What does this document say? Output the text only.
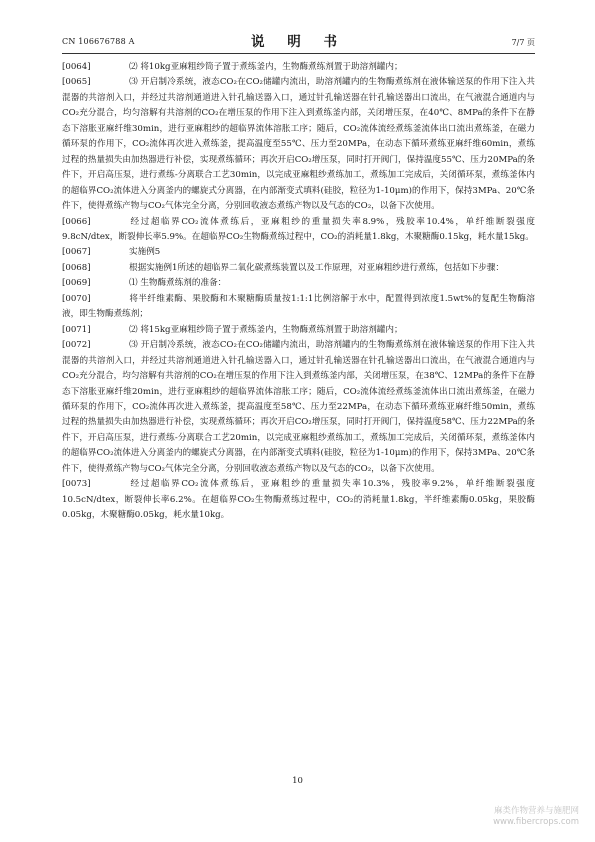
CN 106676788 A	说 明 书	7/7 页

[0064]	⑵ 将10kg亚麻粗纱筒子置于煮练釜内，生物酶煮练剂置于助溶剂罐内；

[0065]	⑶ 开启制冷系统，液态CO₂在CO₂储罐内流出，助溶剂罐内的生物酶煮练剂在液体输送泵的作用下注入共混器的共溶剂入口，并经过共溶剂通道进入针孔输送器入口，通过针孔输送器在针孔输送器出口流出，在气液混合通道内与CO₂充分混合，均匀溶解有共溶剂的CO₂在增压泵的作用下注入到煮练釜内部，关闭增压泵，在40℃、8MPa的条件下在静态下溶胀亚麻纤维30min，进行亚麻粗纱的超临界流体溶胀工序；随后，CO₂流体流经煮练釜流体出口流出煮练釜，在磁力循环泵的作用下，CO₂流体再次进入煮练釜，提高温度至55℃、压力至20MPa，在动态下循环煮练亚麻纤维60min，煮练过程的热量损失由加热器进行补偿，实现煮练循环；再次开启CO₂增压泵，同时打开阀门，保持温度55℃、压力20MPa的条件下，开启高压泵，进行煮练-分离联合工艺30min，以完成亚麻粗纱煮练加工，煮练加工完成后，关闭循环泵，煮练釜体内的超临界CO₂流体进入分离釜内的螺旋式分离器，在内部渐变式填料(硅胶，粒径为1-10μm)的作用下，保持3MPa、20℃条件下，使得煮练产物与CO₂气体完全分离，分别回收液态煮练产物以及气态的CO₂，以备下次使用。

[0066]	经过超临界CO₂流体煮练后，亚麻粗纱的重量损失率8.9%，残胶率10.4%，单纤维断裂强度9.8cN/dtex，断裂伸长率5.9%。在超临界CO₂生物酶煮练过程中，CO₂的消耗量1.8kg，木聚糖酶0.15kg，耗水量15kg。

[0067]	实施例5

[0068]	根据实施例1所述的超临界二氧化碳煮练装置以及工作原理，对亚麻粗纱进行煮练，包括如下步骤：

[0069]	⑴ 生物酶煮练剂的准备：

[0070]	将半纤维素酶、果胶酶和木聚糖酶质量按1:1:1比例溶解于水中，配置得到浓度1.5wt%的复配生物酶溶液，即生物酶煮练剂；

[0071]	⑵ 将15kg亚麻粗纱筒子置于煮练釜内，生物酶煮练剂置于助溶剂罐内；

[0072]	⑶ 开启制冷系统，液态CO₂在CO₂储罐内流出，助溶剂罐内的生物酶煮练剂在液体输送泵的作用下注入共混器的共溶剂入口，并经过共溶剂通道进入针孔输送器入口，通过针孔输送器在针孔输送器出口流出，在气液混合通道内与CO₂充分混合，均匀溶解有共溶剂的CO₂在增压泵的作用下注入到煮练釜内部，关闭增压泵，在38℃、12MPa的条件下在静态下溶胀亚麻纤维20min，进行亚麻粗纱的超临界流体溶胀工序；随后，CO₂流体流经煮练釜流体出口流出煮练釜，在磁力循环泵的作用下，CO₂流体再次进入煮练釜，提高温度至58℃、压力至22MPa，在动态下循环煮练亚麻纤维50min，煮练过程的热量损失由加热器进行补偿，实现煮练循环；再次开启CO₂增压泵，同时打开阀门，保持温度58℃、压力22MPa的条件下，开启高压泵，进行煮练-分离联合工艺20min，以完成亚麻粗纱煮练加工，煮练加工完成后，关闭循环泵，煮练釜体内的超临界CO₂流体进入分离釜内的螺旋式分离器，在内部渐变式填料(硅胶，粒径为1-10μm)的作用下，保持3MPa、20℃条件下，使得煮练产物与CO₂气体完全分离，分别回收液态煮练产物以及气态的CO₂，以备下次使用。

[0073]	经过超临界CO₂流体煮练后，亚麻粗纱的重量损失率10.3%，残胶率9.2%，单纤维断裂强度10.5cN/dtex，断裂伸长率6.2%。在超临界CO₂生物酶煮练过程中，CO₂的消耗量1.8kg，半纤维素酶0.05kg，果胶酶0.05kg，木聚糖酶0.05kg，耗水量10kg。

10
麻类作物营养与施肥网
www.fibercrops.com
